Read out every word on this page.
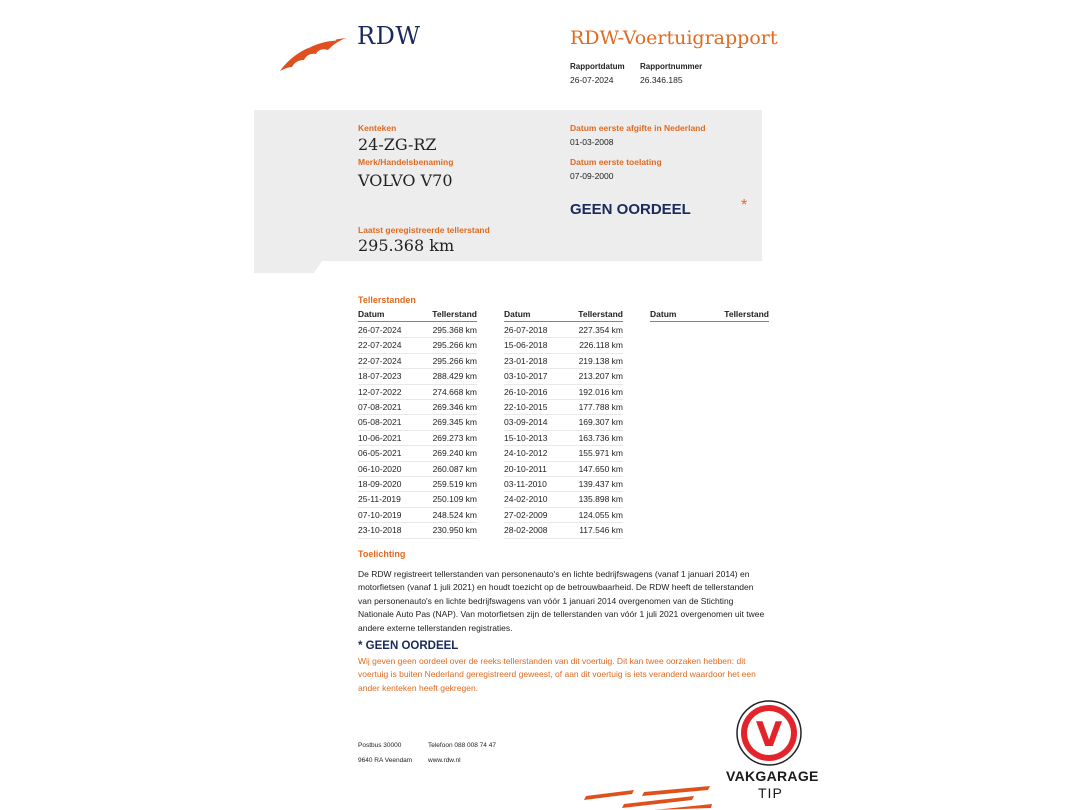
RDW	RDW-Voertuigrapport
Rapportdatum
26-07-2024
Rapportnummer
26.346.185
Kenteken
24-ZG-RZ
Merk/Handelsbenaming
VOLVO V70
Laatst geregistreerde tellerstand
295.368 km
Datum eerste afgifte in Nederland
01-03-2008
Datum eerste toelating
07-09-2000
GEEN OORDEEL	*
Tellerstanden
Datum	Tellerstand	Datum	Tellerstand	Datum	Tellerstand
26-07-2024	295.368 km
22-07-2024	295.266 km
22-07-2024	295.266 km
18-07-2023	288.429 km
12-07-2022	274.668 km
07-08-2021	269.346 km
05-08-2021	269.345 km
10-06-2021	269.273 km
06-05-2021	269.240 km
06-10-2020	260.087 km
18-09-2020	259.519 km
25-11-2019	250.109 km
07-10-2019	248.524 km
23-10-2018	230.950 km
26-07-2018	227.354 km
15-06-2018	226.118 km
23-01-2018	219.138 km
03-10-2017	213.207 km
26-10-2016	192.016 km
22-10-2015	177.788 km
03-09-2014	169.307 km
15-10-2013	163.736 km
24-10-2012	155.971 km
20-10-2011	147.650 km
03-11-2010	139.437 km
24-02-2010	135.898 km
27-02-2009	124.055 km
28-02-2008	117.546 km
Toelichting
De RDW registreert tellerstanden van personenauto's en lichte bedrijfswagens (vanaf 1 januari 2014) en motorfietsen (vanaf 1 juli 2021) en houdt toezicht op de betrouwbaarheid. De RDW heeft de tellerstanden van personenauto's en lichte bedrijfswagens van vóór 1 januari 2014 overgenomen van de Stichting Nationale Auto Pas (NAP). Van motorfietsen zijn de tellerstanden van vóór 1 juli 2021 overgenomen uit twee andere externe tellerstanden registraties.
* GEEN OORDEEL
Wij geven geen oordeel over de reeks tellerstanden van dit voertuig. Dit kan twee oorzaken hebben: dit voertuig is buiten Nederland geregistreerd geweest, of aan dit voertuig is iets veranderd waardoor het een ander kenteken heeft gekregen.
Postbus 30000
9640 RA Veendam
Telefoon 088 008 74 47
www.rdw.nl
V
VAKGARAGE
TIP
